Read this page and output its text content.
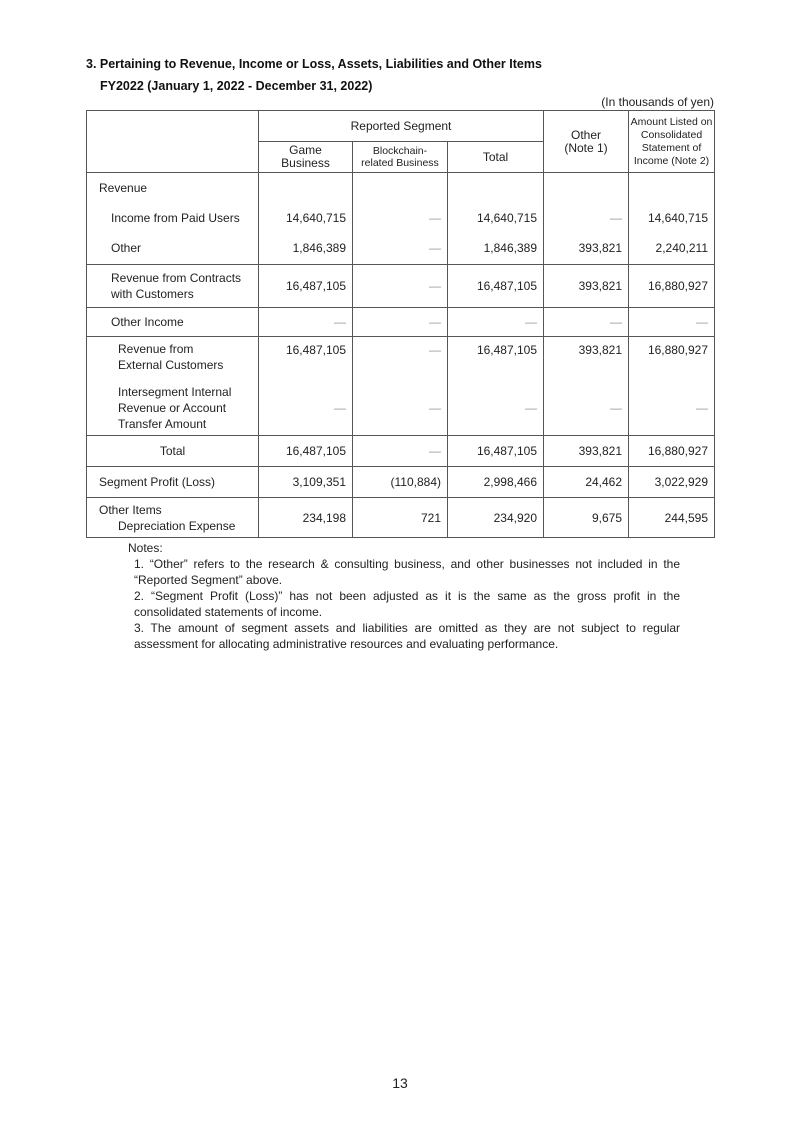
3. Pertaining to Revenue, Income or Loss, Assets, Liabilities and Other Items
FY2022 (January 1, 2022 - December 31, 2022)
(In thousands of yen)
	Reported Segment			Other (Note 1)	Amount Listed on Consolidated Statement of Income (Note 2)
	Game Business	Blockchain-related Business	Total		

Revenue					

Income from Paid Users	14,640,715	—	14,640,715	—	14,640,715

Other	1,846,389	—	1,846,389	393,821	2,240,211

Revenue from Contracts with Customers	16,487,105	—	16,487,105	393,821	16,880,927

Other Income	—	—	—	—	—

Revenue from External Customers	16,487,105	—	16,487,105	393,821	16,880,927

Intersegment Internal Revenue or Account Transfer Amount	—	—	—	—	—

Total	16,487,105	—	16,487,105	393,821	16,880,927

Segment Profit (Loss)	3,109,351	(110,884)	2,998,466	24,462	3,022,929

Other Items
Depreciation Expense	234,198	721	234,920	9,675	244,595
Notes:

1. “Other” refers to the research & consulting business, and other businesses not included in the “Reported Segment” above.

2. “Segment Profit (Loss)” has not been adjusted as it is the same as the gross profit in the consolidated statements of income.

3. The amount of segment assets and liabilities are omitted as they are not subject to regular assessment for allocating administrative resources and evaluating performance.

13
